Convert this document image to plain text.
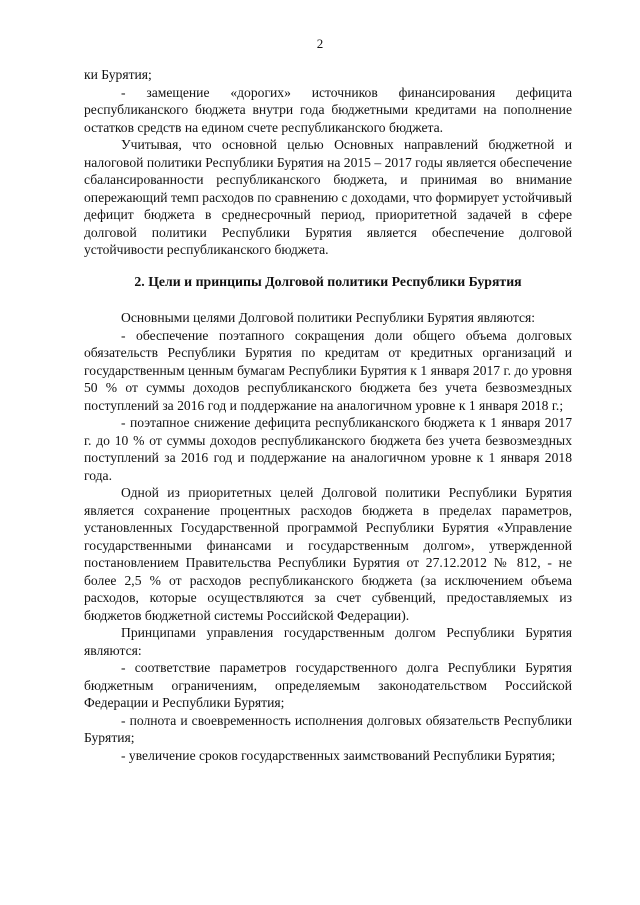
2

ки Бурятия;

- замещение «дорогих» источников финансирования дефицита республиканского бюджета внутри года бюджетными кредитами на пополнение остатков средств на едином счете республиканского бюджета.

Учитывая, что основной целью Основных направлений бюджетной и налоговой политики Республики Бурятия на 2015 – 2017 годы является обеспечение сбалансированности республиканского бюджета, и принимая во внимание опережающий темп расходов по сравнению с доходами, что формирует устойчивый дефицит бюджета в среднесрочный период, приоритетной задачей в сфере долговой политики Республики Бурятия является обеспечение долговой устойчивости республиканского бюджета.

2. Цели и принципы Долговой политики Республики Бурятия

Основными целями Долговой политики Республики Бурятия являются:

- обеспечение поэтапного сокращения доли общего объема долговых обязательств Республики Бурятия по кредитам от кредитных организаций и государственным ценным бумагам Республики Бурятия к 1 января 2017 г. до уровня 50 % от суммы доходов республиканского бюджета без учета безвозмездных поступлений за 2016 год и поддержание на аналогичном уровне к 1 января 2018 г.;

- поэтапное снижение дефицита республиканского бюджета к 1 января 2017 г. до 10 % от суммы доходов республиканского бюджета без учета безвозмездных поступлений за 2016 год и поддержание на аналогичном уровне к 1 января 2018 года.

Одной из приоритетных целей Долговой политики Республики Бурятия является сохранение процентных расходов бюджета в пределах параметров, установленных Государственной программой Республики Бурятия «Управление государственными финансами и государственным долгом», утвержденной постановлением Правительства Республики Бурятия от 27.12.2012 № 812, - не более 2,5 % от расходов республиканского бюджета (за исключением объема расходов, которые осуществляются за счет субвенций, предоставляемых из бюджетов бюджетной системы Российской Федерации).

Принципами управления государственным долгом Республики Бурятия являются:

- соответствие параметров государственного долга Республики Бурятия бюджетным ограничениям, определяемым законодательством Российской Федерации и Республики Бурятия;

- полнота и своевременность исполнения долговых обязательств Республики Бурятия;

- увеличение сроков государственных заимствований Республики Бурятия;
